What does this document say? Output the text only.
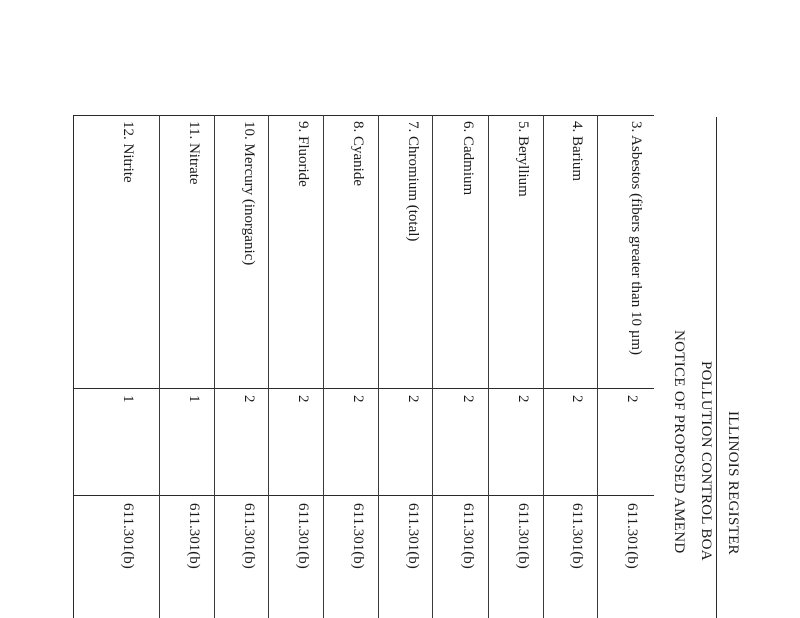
ILLINOIS REGISTER
POLLUTION CONTROL BOA
NOTICE OF PROPOSED AMEND
3. Asbestos (fibers greater than 10 µm)
2
611.301(b)
4. Barium
2
611.301(b)
5. Beryllium
2
611.301(b)
6. Cadmium
2
611.301(b)
7. Chromium (total)
2
611.301(b)
8. Cyanide
2
611.301(b)
9. Fluoride
2
611.301(b)
10. Mercury (inorganic)
2
611.301(b)
11. Nitrate
1
611.301(b)
12. Nitrite
1
611.301(b)
